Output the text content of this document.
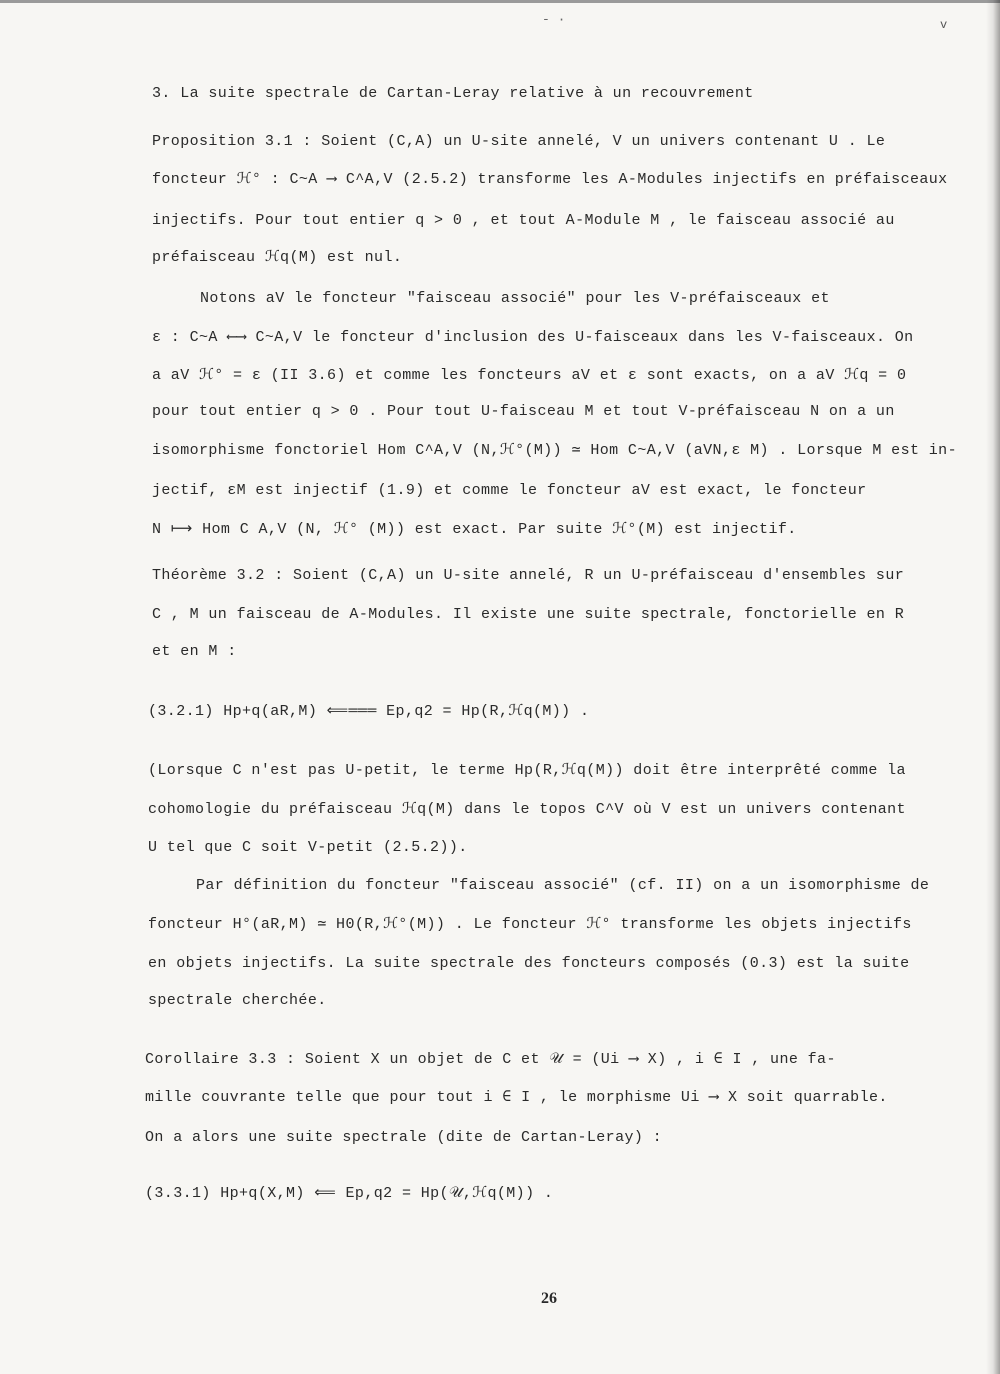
- ·	v
3. La suite spectrale de Cartan-Leray relative à un recouvrement
Proposition 3.1 : Soient (C,A) un U-site annelé, V un univers contenant U . Le
foncteur ℋ° : C~A ⟶ C^A,V (2.5.2) transforme les A-Modules injectifs en préfaisceaux
injectifs. Pour tout entier q > 0 , et tout A-Module M , le faisceau associé au
préfaisceau ℋq(M) est nul.
Notons aV le foncteur "faisceau associé" pour les V-préfaisceaux et
ε : C~A ⟵⟶ C~A,V le foncteur d'inclusion des U-faisceaux dans les V-faisceaux. On
a aV ℋ° = ε (II 3.6) et comme les foncteurs aV et ε sont exacts, on a aV ℋq = 0
pour tout entier q > 0 . Pour tout U-faisceau M et tout V-préfaisceau N on a un
isomorphisme fonctoriel Hom C^A,V (N,ℋ°(M)) ≃ Hom C~A,V (aVN,ε M) . Lorsque M est in-
jectif, εM est injectif (1.9) et comme le foncteur aV est exact, le foncteur
N ⟼ Hom C A,V (N, ℋ° (M)) est exact. Par suite ℋ°(M) est injectif.
Théorème 3.2 : Soient (C,A) un U-site annelé, R un U-préfaisceau d'ensembles sur
C , M un faisceau de A-Modules. Il existe une suite spectrale, fonctorielle en R
et en M :
(3.2.1) Hp+q(aR,M) ⟸═══ Ep,q2 = Hp(R,ℋq(M)) .
(Lorsque C n'est pas U-petit, le terme Hp(R,ℋq(M)) doit être interprêté comme la
cohomologie du préfaisceau ℋq(M) dans le topos C^V où V est un univers contenant
U tel que C soit V-petit (2.5.2)).
Par définition du foncteur "faisceau associé" (cf. II) on a un isomorphisme de
foncteur H°(aR,M) ≃ H0(R,ℋ°(M)) . Le foncteur ℋ° transforme les objets injectifs
en objets injectifs. La suite spectrale des foncteurs composés (0.3) est la suite
spectrale cherchée.
Corollaire 3.3 : Soient X un objet de C et 𝒰 = (Ui ⟶ X) , i ∈ I , une fa-
mille couvrante telle que pour tout i ∈ I , le morphisme Ui ⟶ X soit quarrable.
On a alors une suite spectrale (dite de Cartan-Leray) :
(3.3.1) Hp+q(X,M) ⟸ Ep,q2 = Hp(𝒰,ℋq(M)) .
26
